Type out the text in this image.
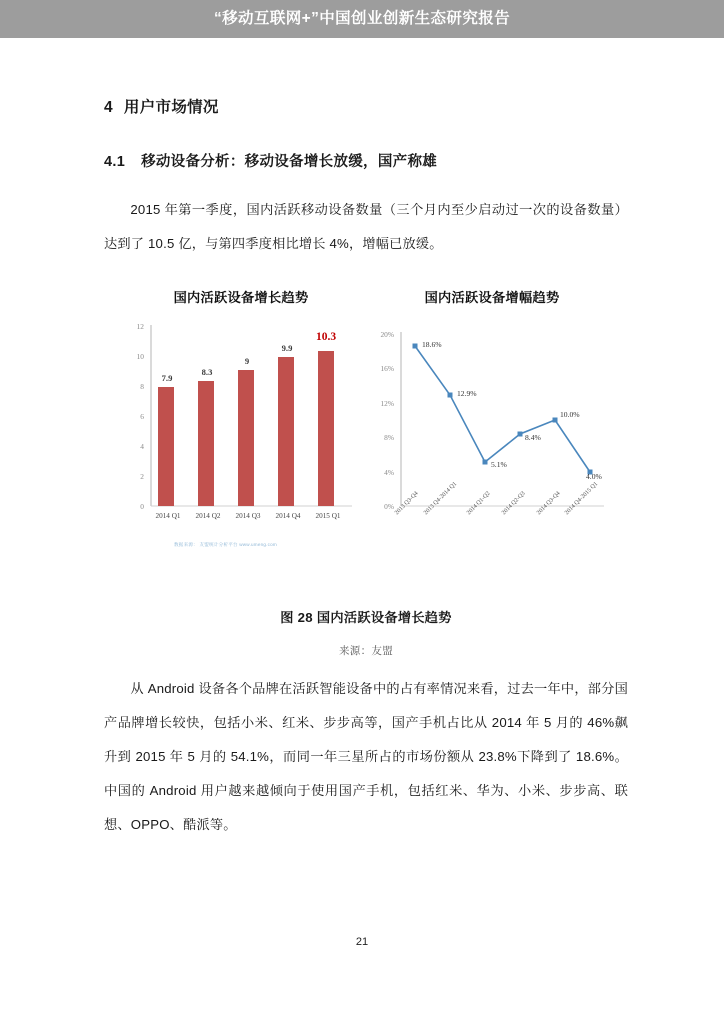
“移动互联网+”中国创业创新生态研究报告
4 用户市场情况
4.1 移动设备分析：移动设备增长放缓，国产称雄

2015 年第一季度，国内活跃移动设备数量（三个月内至少启动过一次的设备数量）达到了 10.5 亿，与第四季度相比增长 4%，增幅已放缓。

国内活跃设备增长趋势
0
2
4
6
8
10
12
7.9
8.3
9
9.9
10.3
2014 Q1	2014 Q2	2014 Q3	2014 Q4	2015 Q1
数据来源： 友盟统计分析平台 www.umeng.com
国内活跃设备增幅趋势
0%
4%
8%
12%
16%
20%
18.6%
12.9%
5.1%
8.4%
10.0%
4.0%
2013 Q3-Q4 2013 Q4-2014 Q1 2014 Q1-Q2 2014 Q2-Q3 2014 Q3-Q4 2014 Q4-2015 Q1
图 28 国内活跃设备增长趋势
来源：友盟

从 Android 设备各个品牌在活跃智能设备中的占有率情况来看，过去一年中，部分国产品牌增长较快，包括小米、红米、步步高等，国产手机占比从 2014 年 5 月的 46%飙升到 2015 年 5 月的 54.1%，而同一年三星所占的市场份额从 23.8%下降到了 18.6%。中国的 Android 用户越来越倾向于使用国产手机，包括红米、华为、小米、步步高、联想、OPPO、酷派等。

21
